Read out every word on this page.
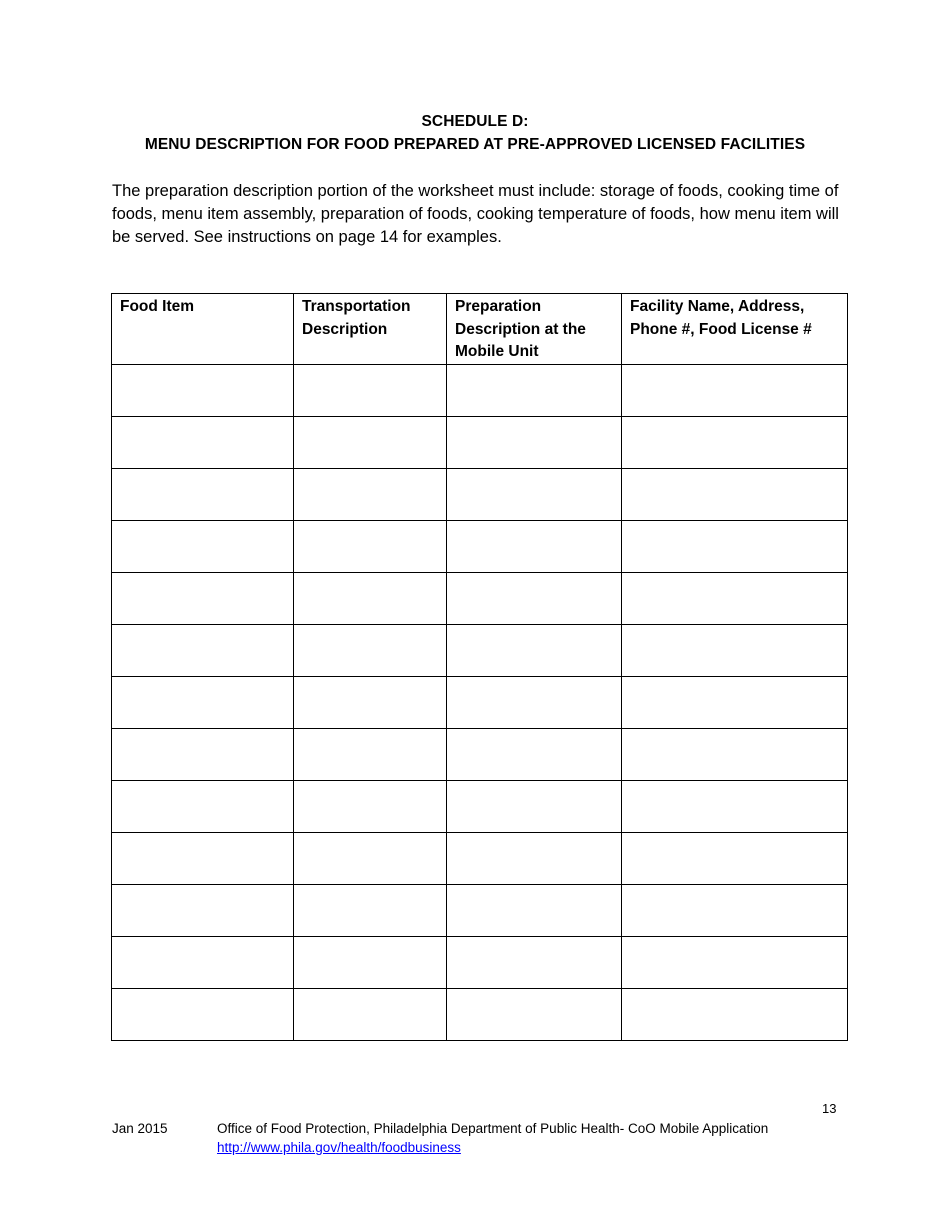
SCHEDULE D:
MENU DESCRIPTION FOR FOOD PREPARED AT PRE-APPROVED LICENSED FACILITIES

The preparation description portion of the worksheet must include: storage of foods, cooking time of foods, menu item assembly, preparation of foods, cooking temperature of foods, how menu item will be served. See instructions on page 14 for examples.

Food Item	Transportation Description	Preparation Description at the Mobile Unit	Facility Name, Address, Phone #, Food License #

13
Jan 2015	Office of Food Protection, Philadelphia Department of Public Health- CoO Mobile Application
http://www.phila.gov/health/foodbusiness
